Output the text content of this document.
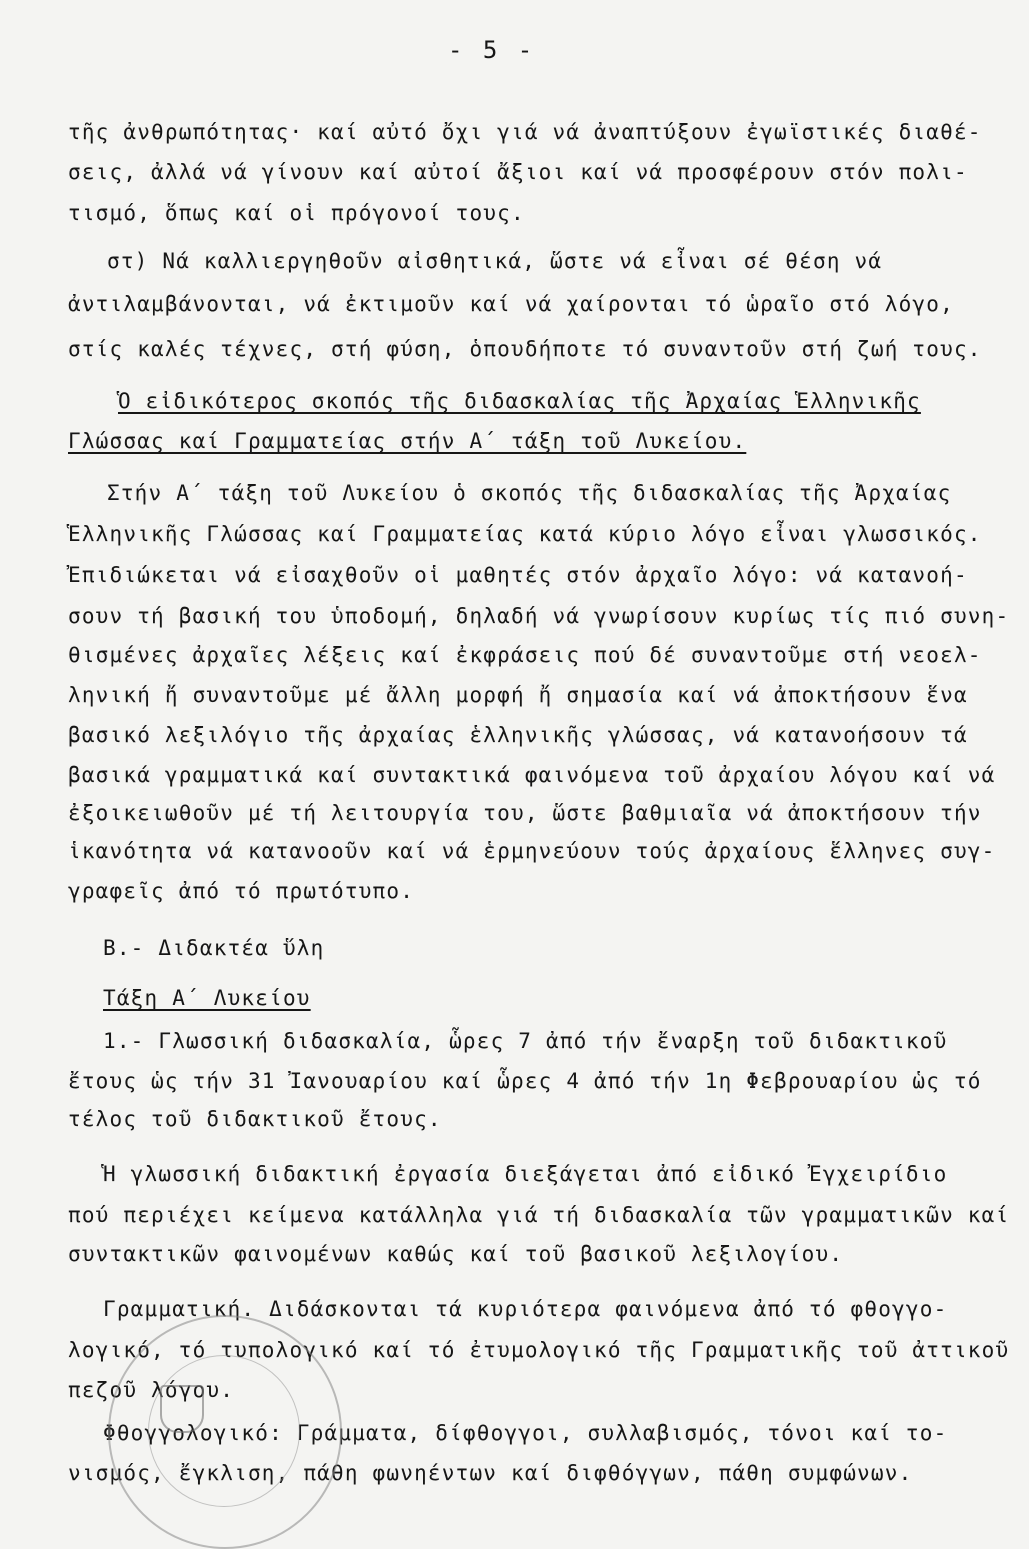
- 5 -
τῆς ἀνθρωπότητας· καί αὐτό ὄχι γιά νά ἀναπτύξουν ἐγωϊστικές διαθέ-
σεις, ἀλλά νά γίνουν καί αὐτοί ἄξιοι καί νά προσφέρουν στόν πολι-
τισμό, ὅπως καί οἱ πρόγονοί τους.
στ) Νά καλλιεργηθοῦν αἰσθητικά, ὥστε νά εἶναι σέ θέση νά
ἀντιλαμβάνονται, νά ἐκτιμοῦν καί νά χαίρονται τό ὡραῖο στό λόγο,
στίς καλές τέχνες, στή φύση, ὁπουδήποτε τό συναντοῦν στή ζωή τους.
Ὁ εἰδικότερος σκοπός τῆς διδασκαλίας τῆς Ἀρχαίας Ἑλληνικῆς
Γλώσσας καί Γραμματείας στήν Α΄ τάξη τοῦ Λυκείου.
Στήν Α΄ τάξη τοῦ Λυκείου ὁ σκοπός τῆς διδασκαλίας τῆς Ἀρχαίας
Ἑλληνικῆς Γλώσσας καί Γραμματείας κατά κύριο λόγο εἶναι γλωσσικός.
Ἐπιδιώκεται νά εἰσαχθοῦν οἱ μαθητές στόν ἀρχαῖο λόγο: νά κατανοή-
σουν τή βασική του ὑποδομή, δηλαδή νά γνωρίσουν κυρίως τίς πιό συνη-
θισμένες ἀρχαῖες λέξεις καί ἐκφράσεις πού δέ συναντοῦμε στή νεοελ-
ληνική ἤ συναντοῦμε μέ ἄλλη μορφή ἤ σημασία καί νά ἀποκτήσουν ἕνα
βασικό λεξιλόγιο τῆς ἀρχαίας ἑλληνικῆς γλώσσας, νά κατανοήσουν τά
βασικά γραμματικά καί συντακτικά φαινόμενα τοῦ ἀρχαίου λόγου καί νά
ἐξοικειωθοῦν μέ τή λειτουργία του, ὥστε βαθμιαῖα νά ἀποκτήσουν τήν
ἱκανότητα νά κατανοοῦν καί νά ἑρμηνεύουν τούς ἀρχαίους ἕλληνες συγ-
γραφεῖς ἀπό τό πρωτότυπο.
Β.- Διδακτέα ὕλη
Τάξη Α΄ Λυκείου
1.- Γλωσσική διδασκαλία, ὧρες 7 ἀπό τήν ἔναρξη τοῦ διδακτικοῦ
ἔτους ὡς τήν 31 Ἰανουαρίου καί ὧρες 4 ἀπό τήν 1η Φεβρουαρίου ὡς τό
τέλος τοῦ διδακτικοῦ ἔτους.
Ἡ γλωσσική διδακτική ἐργασία διεξάγεται ἀπό εἰδικό Ἐγχειρίδιο
πού περιέχει κείμενα κατάλληλα γιά τή διδασκαλία τῶν γραμματικῶν καί
συντακτικῶν φαινομένων καθώς καί τοῦ βασικοῦ λεξιλογίου.
Γραμματική. Διδάσκονται τά κυριότερα φαινόμενα ἀπό τό φθογγο-
λογικό, τό τυπολογικό καί τό ἐτυμολογικό τῆς Γραμματικῆς τοῦ ἀττικοῦ
πεζοῦ λόγου.
Φθογγολογικό: Γράμματα, δίφθογγοι, συλλαβισμός, τόνοι καί το-
νισμός, ἔγκλιση, πάθη φωνηέντων καί διφθόγγων, πάθη συμφώνων.
